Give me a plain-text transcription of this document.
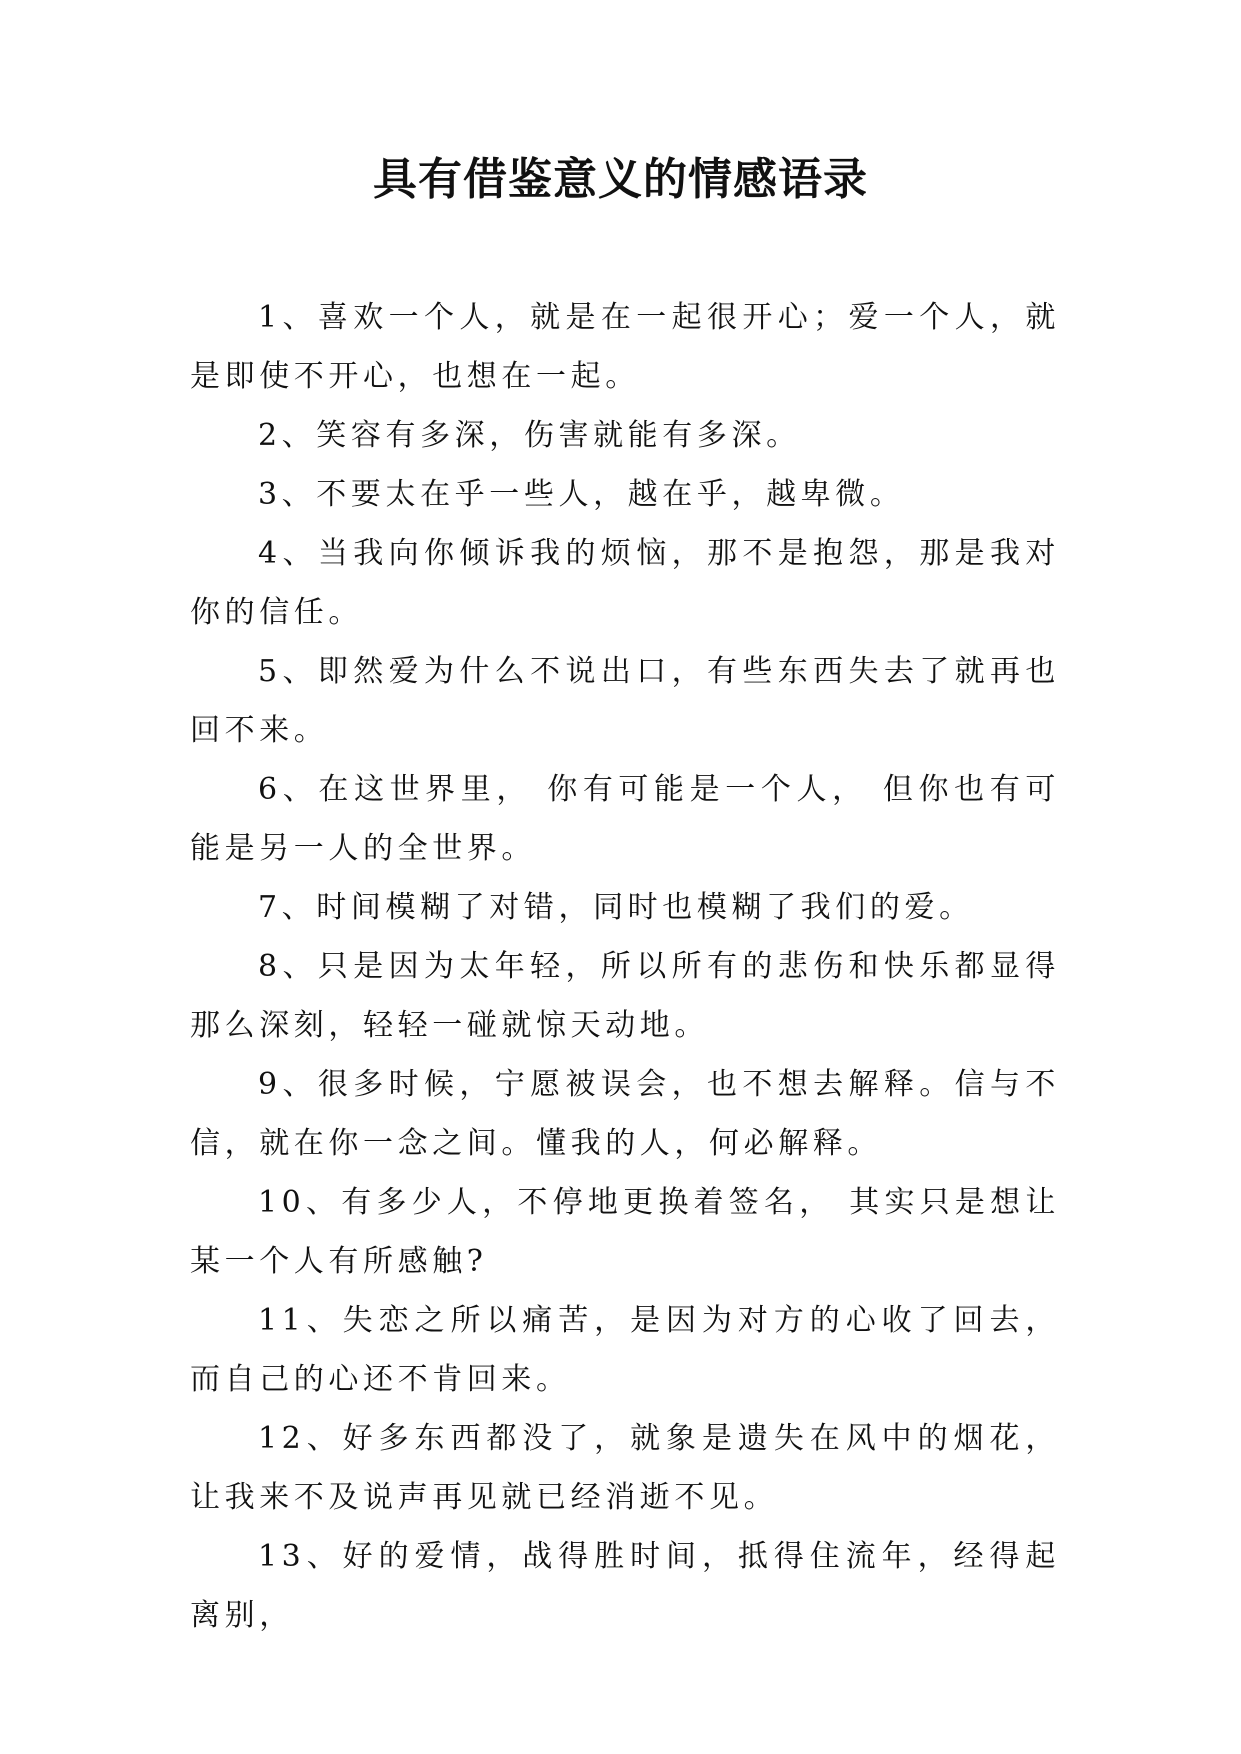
具有借鉴意义的情感语录

1、喜欢一个人，就是在一起很开心；爱一个人，就是即使不开心，也想在一起。

2、笑容有多深，伤害就能有多深。

3、不要太在乎一些人，越在乎，越卑微。

4、当我向你倾诉我的烦恼，那不是抱怨，那是我对你的信任。

5、即然爱为什么不说出口，有些东西失去了就再也回不来。

6、在这世界里， 你有可能是一个人， 但你也有可能是另一人的全世界。

7、时间模糊了对错，同时也模糊了我们的爱。

8、只是因为太年轻，所以所有的悲伤和快乐都显得那么深刻，轻轻一碰就惊天动地。

9、很多时候，宁愿被误会，也不想去解释。信与不信，就在你一念之间。懂我的人，何必解释。

10、有多少人，不停地更换着签名， 其实只是想让某一个人有所感触?

11、失恋之所以痛苦，是因为对方的心收了回去，而自己的心还不肯回来。

12、好多东西都没了，就象是遗失在风中的烟花，让我来不及说声再见就已经消逝不见。

13、好的爱情，战得胜时间，抵得住流年，经得起离别，
